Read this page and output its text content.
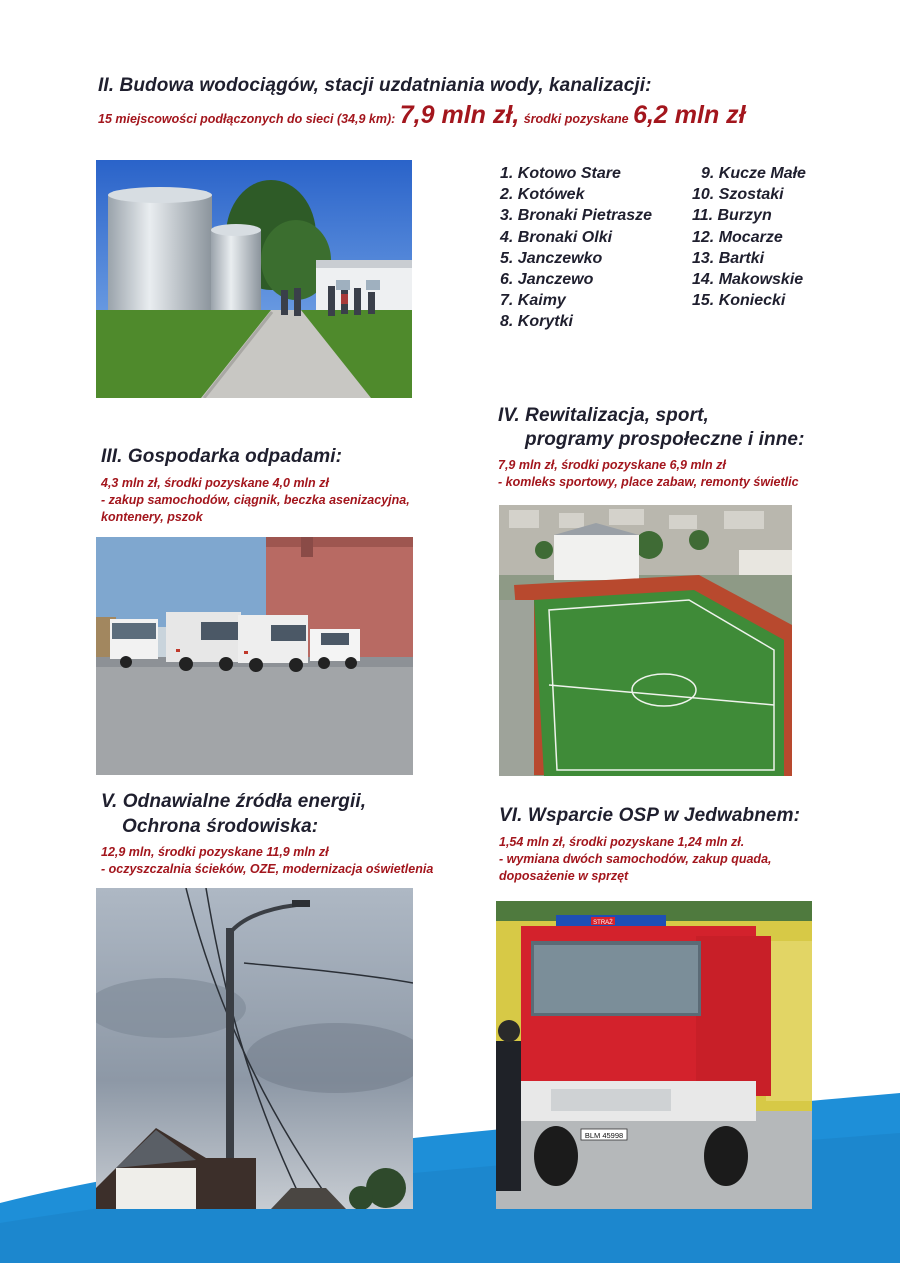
II. Budowa wodociągów, stacji uzdatniania wody, kanalizacji:
15 miejscowości podłączonych do sieci (34,9 km): 7,9 mln zł, środki pozyskane 6,2 mln zł
1. Kotowo Stare
2. Kotówek
3. Bronaki Pietrasze
4. Bronaki Olki
5. Janczewko
6. Janczewo
7. Kaimy
8. Korytki
9. Kucze Małe
10. Szostaki
11. Burzyn
12. Mocarze
13. Bartki
14. Makowskie
15. Koniecki
III. Gospodarka odpadami:
4,3 mln zł, środki pozyskane 4,0 mln zł
- zakup samochodów, ciągnik, beczka asenizacyjna,
kontenery, pszok
IV. Rewitalizacja, sport,
programy prospołeczne i inne:
7,9 mln zł, środki pozyskane 6,9 mln zł
- komleks sportowy, place zabaw, remonty świetlic
V. Odnawialne źródła energii,
Ochrona środowiska:
12,9 mln, środki pozyskane 11,9 mln zł
- oczyszczalnia ścieków, OZE, modernizacja oświetlenia
VI. Wsparcie OSP w Jedwabnem:
1,54 mln zł, środki pozyskane 1,24 mln zł.
- wymiana dwóch samochodów, zakup quada,
doposażenie w sprzęt
STRAŻ
BLM 45998
